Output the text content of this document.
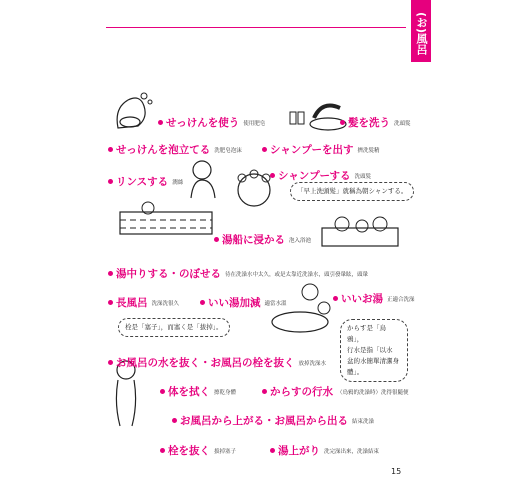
(お)風呂
「早上洗頭髮」就稱為朝シャンする。
栓是「塞子」，而塞く是「拔掉」。	からす是「烏鴉」，
行水是指「以水
盆的水簡單清潔身
體」。
せっけんを使う 使用肥皂	髪を洗う 洗頭髮
せっけんを泡立てる 洗肥皂泡沫	シャンプーを出す 擠洗髮精
リンスする 潤絲
シャンプーする 洗頭髮
湯船に浸かる 泡入浴池
湯中りする・のぼせる 待在洗澡水中太久，或是太靠近洗澡水，頭引發暈眩，頭暈
長風呂 洗澡洗很久	いい湯加減 適當水溫	いいお湯 正適合洗澡
お風呂の水を抜く・お風呂の栓を抜く 放掉洗澡水
体を拭く 擦乾身體	からすの行水 （鳥鴉的洗澡時）洗得很隨便
お風呂から上がる・お風呂から出る 結束洗澡
栓を抜く 拔掉塞子	湯上がり 洗完澡出來，洗澡結束
15
